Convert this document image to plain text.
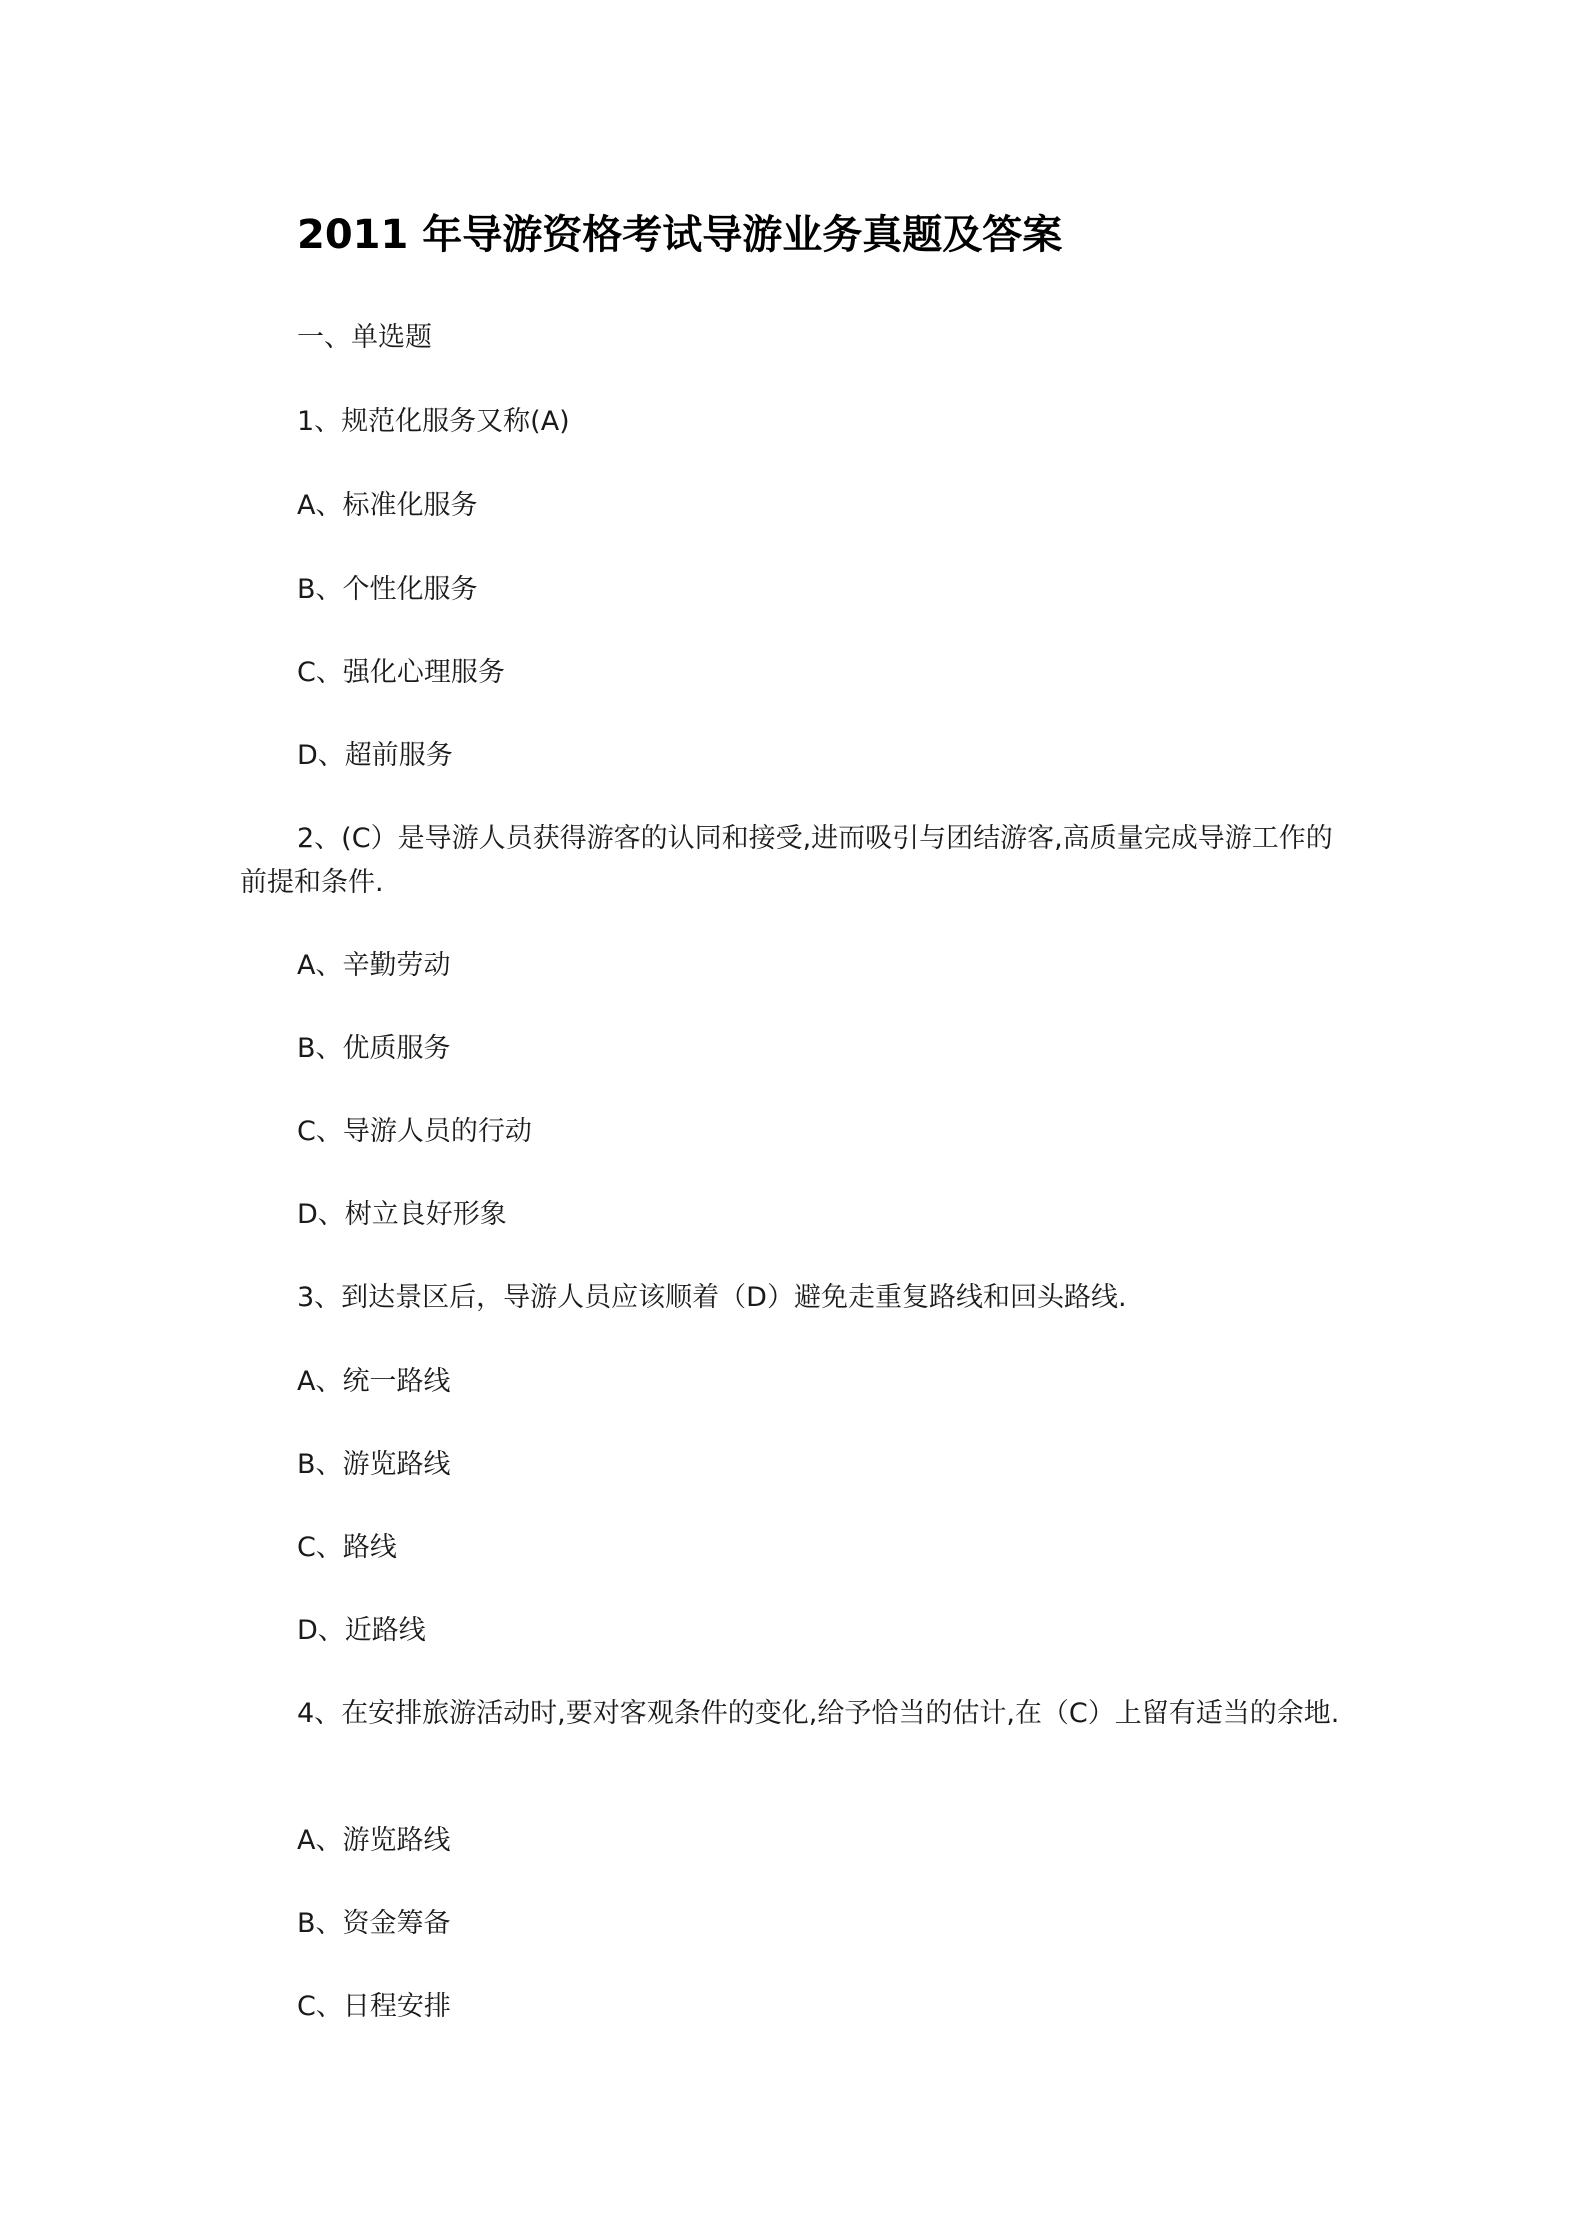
2011 年导游资格考试导游业务真题及答案

一、单选题

1、规范化服务又称(A)

A、标准化服务

B、个性化服务

C、强化心理服务

D、超前服务

2、(C）是导游人员获得游客的认同和接受,进而吸引与团结游客,高质量完成导游工作的前提和条件.

A、辛勤劳动

B、优质服务

C、导游人员的行动

D、树立良好形象

3、到达景区后，导游人员应该顺着（D）避免走重复路线和回头路线.

A、统一路线

B、游览路线

C、路线

D、近路线

4、在安排旅游活动时,要对客观条件的变化,给予恰当的估计,在（C）上留有适当的余地.

A、游览路线

B、资金筹备

C、日程安排
